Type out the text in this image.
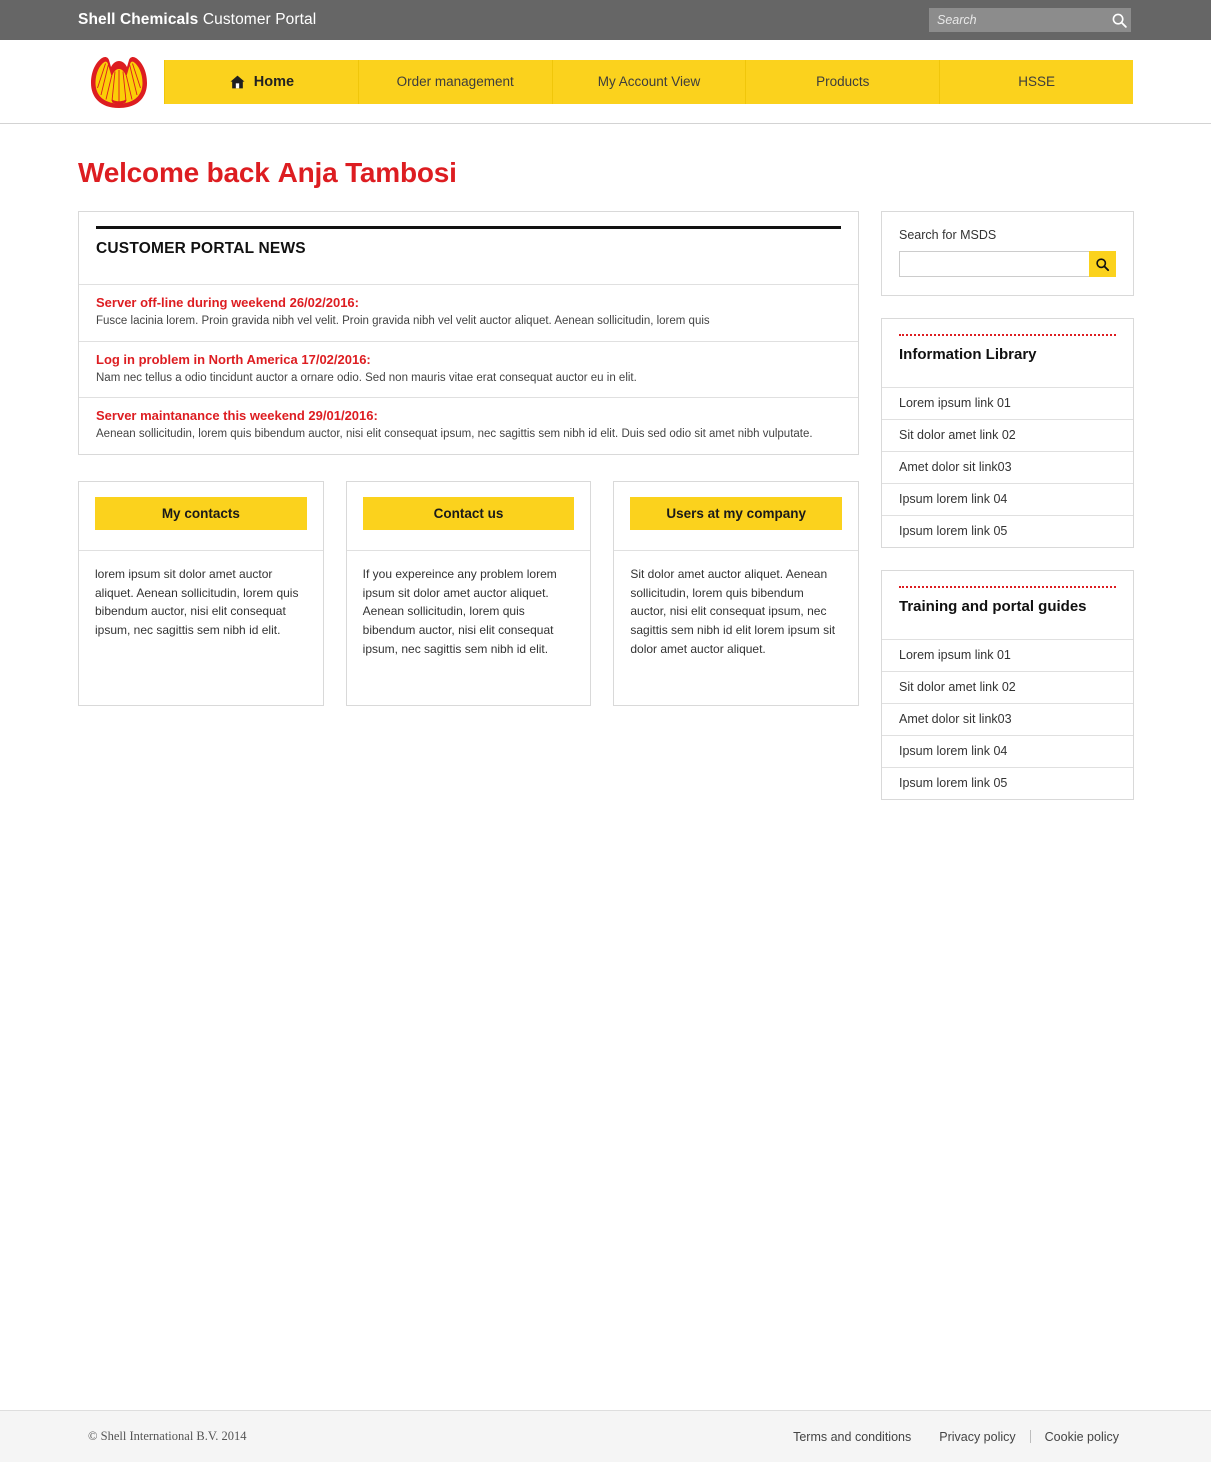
Shell Chemicals Customer Portal
Search
Home	Order management	My Account View	Products	HSSE
Welcome back Anja Tambosi
CUSTOMER PORTAL NEWS
Server off-line during weekend 26/02/2016:
Fusce lacinia lorem. Proin gravida nibh vel velit. Proin gravida nibh vel velit auctor aliquet. Aenean sollicitudin, lorem quis
Log in problem in North America 17/02/2016:
Nam nec tellus a odio tincidunt auctor a ornare odio. Sed non mauris vitae erat consequat auctor eu in elit.
Server maintanance this weekend 29/01/2016:
Aenean sollicitudin, lorem quis bibendum auctor, nisi elit consequat ipsum, nec sagittis sem nibh id elit. Duis sed odio sit amet nibh vulputate.
My contacts
lorem ipsum sit dolor amet auctor aliquet. Aenean sollicitudin, lorem quis bibendum auctor, nisi elit consequat ipsum, nec sagittis sem nibh id elit.
Contact us
If you expereince any problem lorem ipsum sit dolor amet auctor aliquet. Aenean sollicitudin, lorem quis bibendum auctor, nisi elit consequat ipsum, nec sagittis sem nibh id elit.
Users at my company
Sit dolor amet auctor aliquet. Aenean sollicitudin, lorem quis bibendum auctor, nisi elit consequat ipsum, nec sagittis sem nibh id elit lorem ipsum sit dolor amet auctor aliquet.
Search for MSDS
Information Library
Lorem ipsum link 01
Sit dolor amet link 02
Amet dolor sit link03
Ipsum lorem link 04
Ipsum lorem link 05
Training and portal guides
Lorem ipsum link 01
Sit dolor amet link 02
Amet dolor sit link03
Ipsum lorem link 04
Ipsum lorem link 05
© Shell International B.V. 2014	Terms and conditions	Privacy policy	Cookie policy
